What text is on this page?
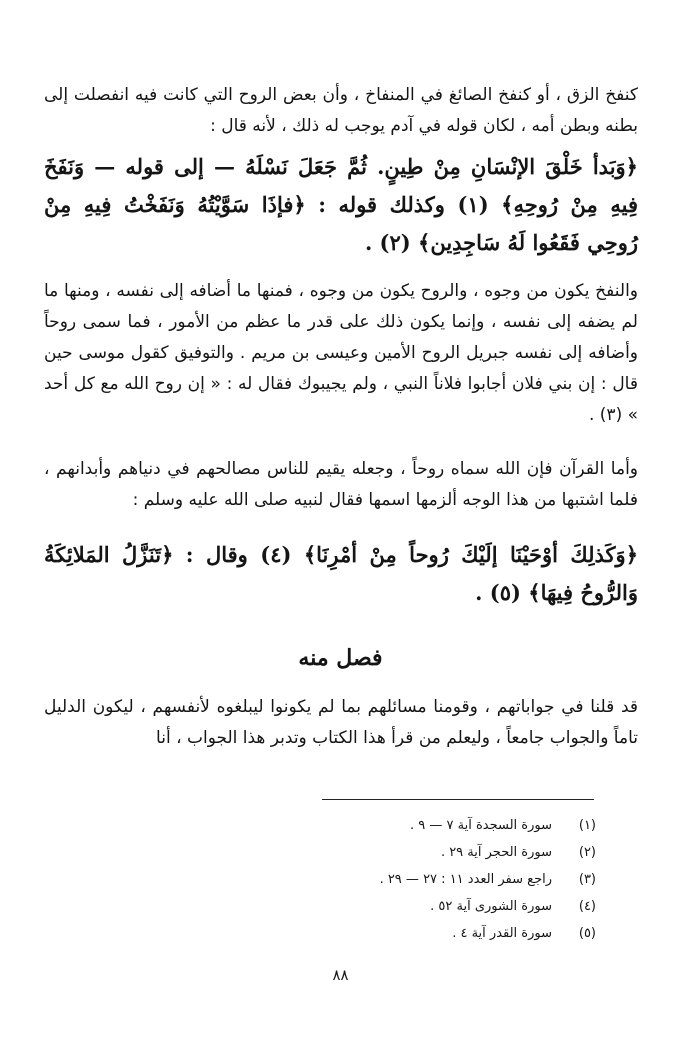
كنفخ الزق ، أو كنفخ الصائغ في المنفاخ ، وأن بعض الروح التي كانت فيه انفصلت إلى بطنه وبطن أمه ، لكان قوله في آدم يوجب له ذلك ، لأنه قال :

﴿وَبَدأ خَلْقَ الإنْسَانِ مِنْ طِينٍ. ثُمَّ جَعَلَ نَسْلَهُ — إلى قوله — وَنَفَخَ فِيهِ مِنْ رُوحِهِ﴾ (١) وكذلك قوله : ﴿فإذَا سَوَّيْتُهُ وَنَفَخْتُ فِيهِ مِنْ رُوحِي فَقَعُوا لَهُ سَاجِدِين﴾ (٢) .

والنفخ يكون من وجوه ، والروح يكون من وجوه ، فمنها ما أضافه إلى نفسه ، ومنها ما لم يضفه إلى نفسه ، وإنما يكون ذلك على قدر ما عظم من الأمور ، فما سمى روحاً وأضافه إلى نفسه جبريل الروح الأمين وعيسى بن مريم . والتوفيق كقول موسى حين قال : إن بني فلان أجابوا فلاناً النبي ، ولم يجيبوك فقال له : « إن روح الله مع كل أحد » (٣) .

وأما القرآن فإن الله سماه روحاً ، وجعله يقيم للناس مصالحهم في دنياهم وأبدانهم ، فلما اشتبها من هذا الوجه ألزمها اسمها فقال لنبيه صلى الله عليه وسلم :

﴿وَكَذلِكَ أوْحَيْنَا إلَيْكَ رُوحاً مِنْ أمْرِنَا﴾ (٤) وقال : ﴿تَنَزَّلُ المَلائِكَةُ وَالرُّوحُ فِيهَا﴾ (٥) .

فصل منه

قد قلنا في جواباتهم ، وقومنا مسائلهم بما لم يكونوا ليبلغوه لأنفسهم ، ليكون الدليل تاماً والجواب جامعاً ، وليعلم من قرأ هذا الكتاب وتدبر هذا الجواب ، أنا

(١)
سورة السجدة آية ٧ — ٩ .
(٢)
سورة الحجر آية ٢٩ .
(٣)
راجع سفر العدد ١١ : ٢٧ — ٢٩ .
(٤)
سورة الشورى آية ٥٢ .
(٥)
سورة القدر آية ٤ .
٨٨
